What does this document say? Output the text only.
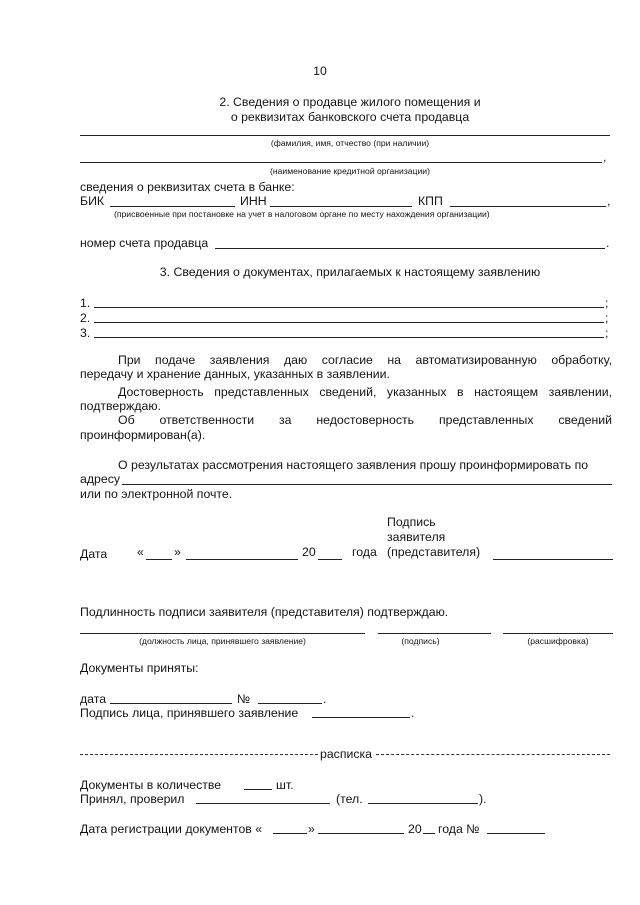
10
2. Сведения о продавце жилого помещения и
о реквизитах банковского счета продавца
(фамилия, имя, отчество (при наличии)
,
(наименование кредитной организации)
сведения о реквизитах счета в банке:
БИК	ИНН	КПП	,
(присвоенные при постановке на учет в налоговом органе по месту нахождения организации)
номер счета продавца	.
3. Сведения о документах, прилагаемых к настоящему заявлению
1.	;
2.	;
3.	;
При подаче заявления даю согласие на автоматизированную обработку,
передачу и хранение данных, указанных в заявлении.
Достоверность представленных сведений, указанных в настоящем заявлении,
подтверждаю.
Об ответственности за недостоверность представленных сведений
проинформирован(а).
О результатах рассмотрения настоящего заявления прошу проинформировать по
адресу
или по электронной почте.
Подпись
заявителя
Дата « »	20	года (представителя)
Подлинность подписи заявителя (представителя) подтверждаю.
(должность лица, принявшего заявление)	(подпись)	(расшифровка)
Документы приняты:
дата	№	.
Подпись лица, принявшего заявление	.
расписка
Документы в количестве	шт.
Принял, проверил	(тел.	).
Дата регистрации документов «	»	20 года №
